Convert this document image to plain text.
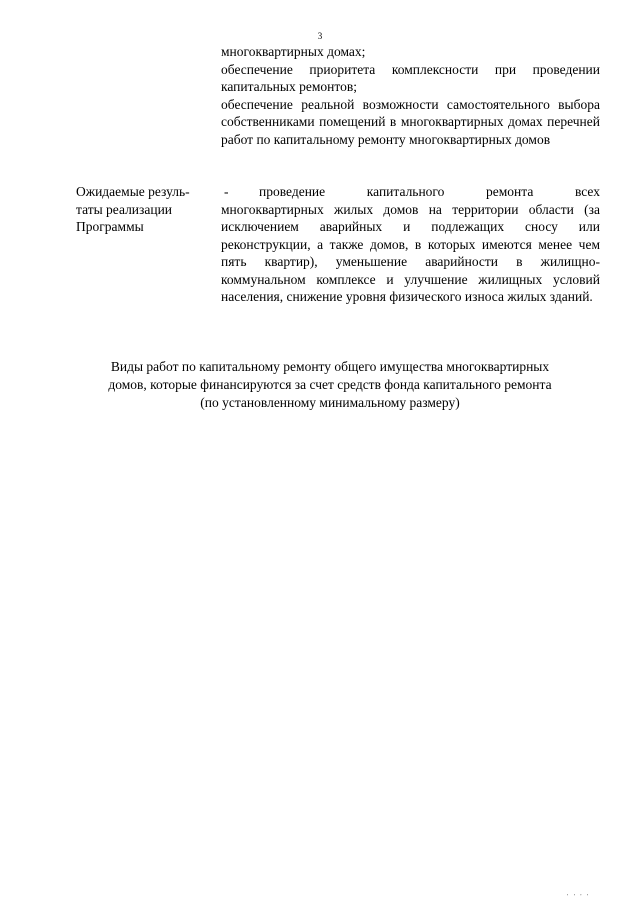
3

многоквартирных домах;

обеспечение приоритета комплексности при проведении капитальных ремонтов;

обеспечение реальной возможности самостоятельного выбора собственниками помещений в многоквартирных домах перечней работ по капитальному ремонту многоквартирных домов

Ожидаемые резуль-
таты реализации
Программы
-	проведение капитального ремонта всех
многоквартирных жилых домов на территории области (за исключением аварийных и подлежащих сносу или реконструкции, а также домов, в которых имеются менее чем пять квартир), уменьшение аварийности в жилищно-коммунальном комплексе и улучшение жилищных условий населения, снижение уровня физического износа жилых зданий.
Виды работ по капитальному ремонту общего имущества многоквартирных
домов, которые финансируются за счет средств фонда капитального ремонта
(по установленному минимальному размеру)
' ' ' '
